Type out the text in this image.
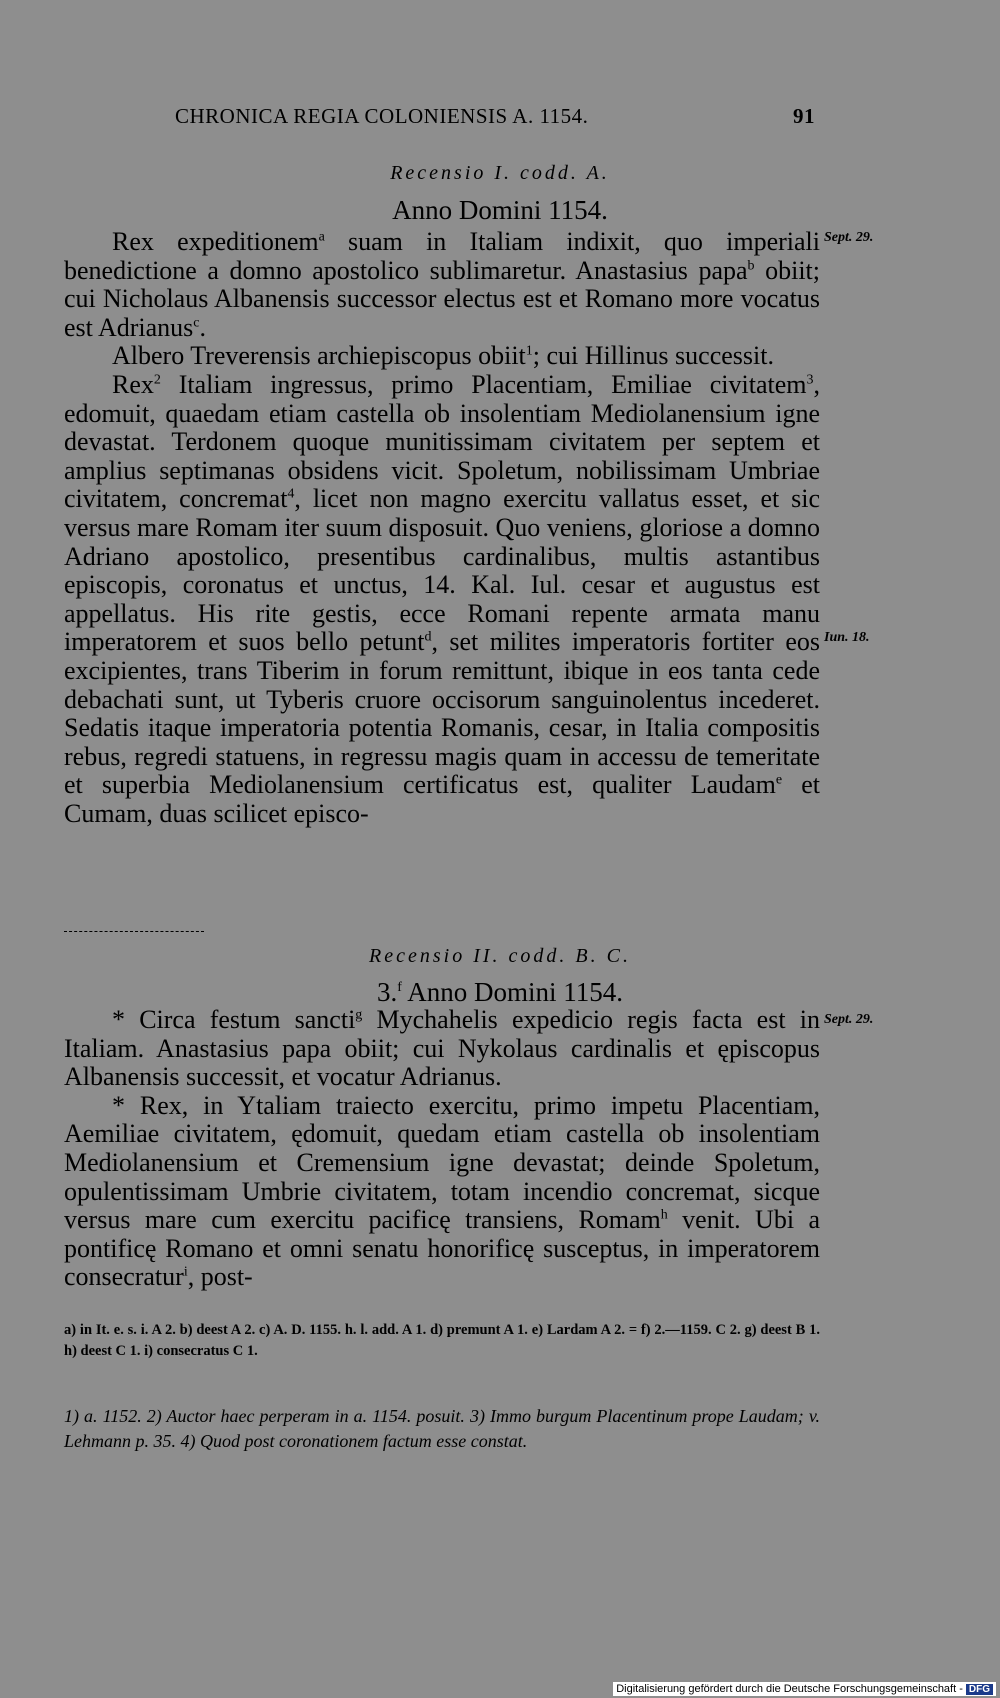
CHRONICA REGIA COLONIENSIS A. 1154.	91
Recensio I. codd. A.
Anno Domini 1154.

Rex expeditionem$^a$ suam in Italiam indixit, quo imperiali benedictione a domno apostolico sublimaretur. Anastasius papa$^b$ obiit; cui Nicholaus Albanensis successor electus est et Romano more vocatus est Adrianus$^c$.

Albero Treverensis archiepiscopus obiit$^1$; cui Hillinus successit.

Rex$^2$ Italiam ingressus, primo Placentiam, Emiliae civitatem$^3$, edomuit, quaedam etiam castella ob insolentiam Mediolanensium igne devastat. Terdonem quoque munitissimam civitatem per septem et amplius septimanas obsidens vicit. Spoletum, nobilissimam Umbriae civitatem, concremat$^4$, licet non magno exercitu vallatus esset, et sic versus mare Romam iter suum disposuit. Quo veniens, gloriose a domno Adriano apostolico, presentibus cardinalibus, multis astantibus episcopis, coronatus et unctus, 14. Kal. Iul. cesar et augustus est appellatus. His rite gestis, ecce Romani repente armata manu imperatorem et suos bello petunt$^d$, set milites imperatoris fortiter eos excipientes, trans Tiberim in forum remittunt, ibique in eos tanta cede debachati sunt, ut Tyberis cruore occisorum sanguinolentus incederet. Sedatis itaque imperatoria potentia Romanis, cesar, in Italia compositis rebus, regredi statuens, in regressu magis quam in accessu de temeritate et superbia Mediolanensium certificatus est, qualiter Laudam$^e$ et Cumam, duas scilicet episco-

Sept. 29.
Iun. 18.
Recensio II. codd. B. C.
3.$^f$ Anno Domini 1154.

* Circa festum sancti$^g$ Mychahelis expedicio regis facta est in Italiam. Anastasius papa obiit; cui Nykolaus cardinalis et ępiscopus Albanensis successit, et vocatur Adrianus.

* Rex, in Ytaliam traiecto exercitu, primo impetu Placentiam, Aemiliae civitatem, ędomuit, quedam etiam castella ob insolentiam Mediolanensium et Cremensium igne devastat; deinde Spoletum, opulentissimam Umbrie civitatem, totam incendio concremat, sicque versus mare cum exercitu pacificę transiens, Romam$^h$ venit. Ubi a pontificę Romano et omni senatu honorificę susceptus, in imperatorem consecratur$^i$, post-

Sept. 29.

a) in It. e. s. i. A 2. b) deest A 2. c) A. D. 1155. h. l. add. A 1. d) premunt A 1. e) Lardam A 2. = f) 2.—1159. C 2. g) deest B 1. h) deest C 1. i) consecratus C 1.

1) a. 1152. 2) Auctor haec perperam in a. 1154. posuit. 3) Immo burgum Placentinum prope Laudam; v. Lehmann p. 35. 4) Quod post coronationem factum esse constat.

Digitalisierung gefördert durch die Deutsche Forschungsgemeinschaft - DFG
